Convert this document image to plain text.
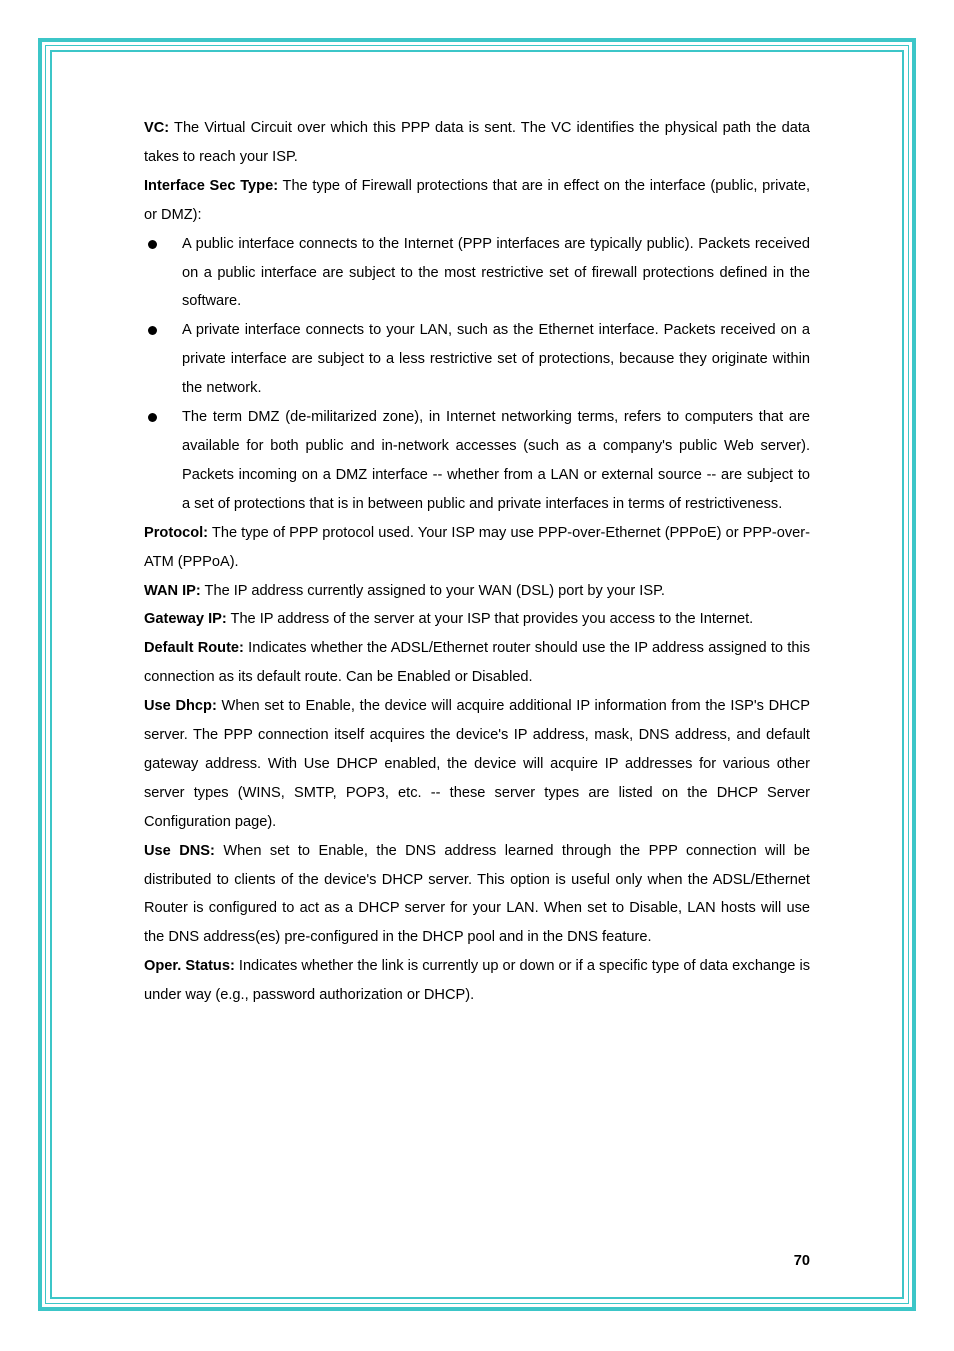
VC: The Virtual Circuit over which this PPP data is sent. The VC identifies the physical path the data takes to reach your ISP.

Interface Sec Type: The type of Firewall protections that are in effect on the interface (public, private, or DMZ):

A public interface connects to the Internet (PPP interfaces are typically public). Packets received on a public interface are subject to the most restrictive set of firewall protections defined in the software.
A private interface connects to your LAN, such as the Ethernet interface. Packets received on a private interface are subject to a less restrictive set of protections, because they originate within the network.
The term DMZ (de-militarized zone), in Internet networking terms, refers to computers that are available for both public and in-network accesses (such as a company's public Web server). Packets incoming on a DMZ interface -- whether from a LAN or external source -- are subject to a set of protections that is in between public and private interfaces in terms of restrictiveness.

Protocol: The type of PPP protocol used. Your ISP may use PPP-over-Ethernet (PPPoE) or PPP-over-ATM (PPPoA).

WAN IP: The IP address currently assigned to your WAN (DSL) port by your ISP.

Gateway IP: The IP address of the server at your ISP that provides you access to the Internet.

Default Route: Indicates whether the ADSL/Ethernet router should use the IP address assigned to this connection as its default route. Can be Enabled or Disabled.

Use Dhcp: When set to Enable, the device will acquire additional IP information from the ISP's DHCP server. The PPP connection itself acquires the device's IP address, mask, DNS address, and default gateway address. With Use DHCP enabled, the device will acquire IP addresses for various other server types (WINS, SMTP, POP3, etc. -- these server types are listed on the DHCP Server Configuration page).

Use DNS: When set to Enable, the DNS address learned through the PPP connection will be distributed to clients of the device's DHCP server. This option is useful only when the ADSL/Ethernet Router is configured to act as a DHCP server for your LAN. When set to Disable, LAN hosts will use the DNS address(es) pre-configured in the DHCP pool and in the DNS feature.

Oper. Status: Indicates whether the link is currently up or down or if a specific type of data exchange is under way (e.g., password authorization or DHCP).

70
